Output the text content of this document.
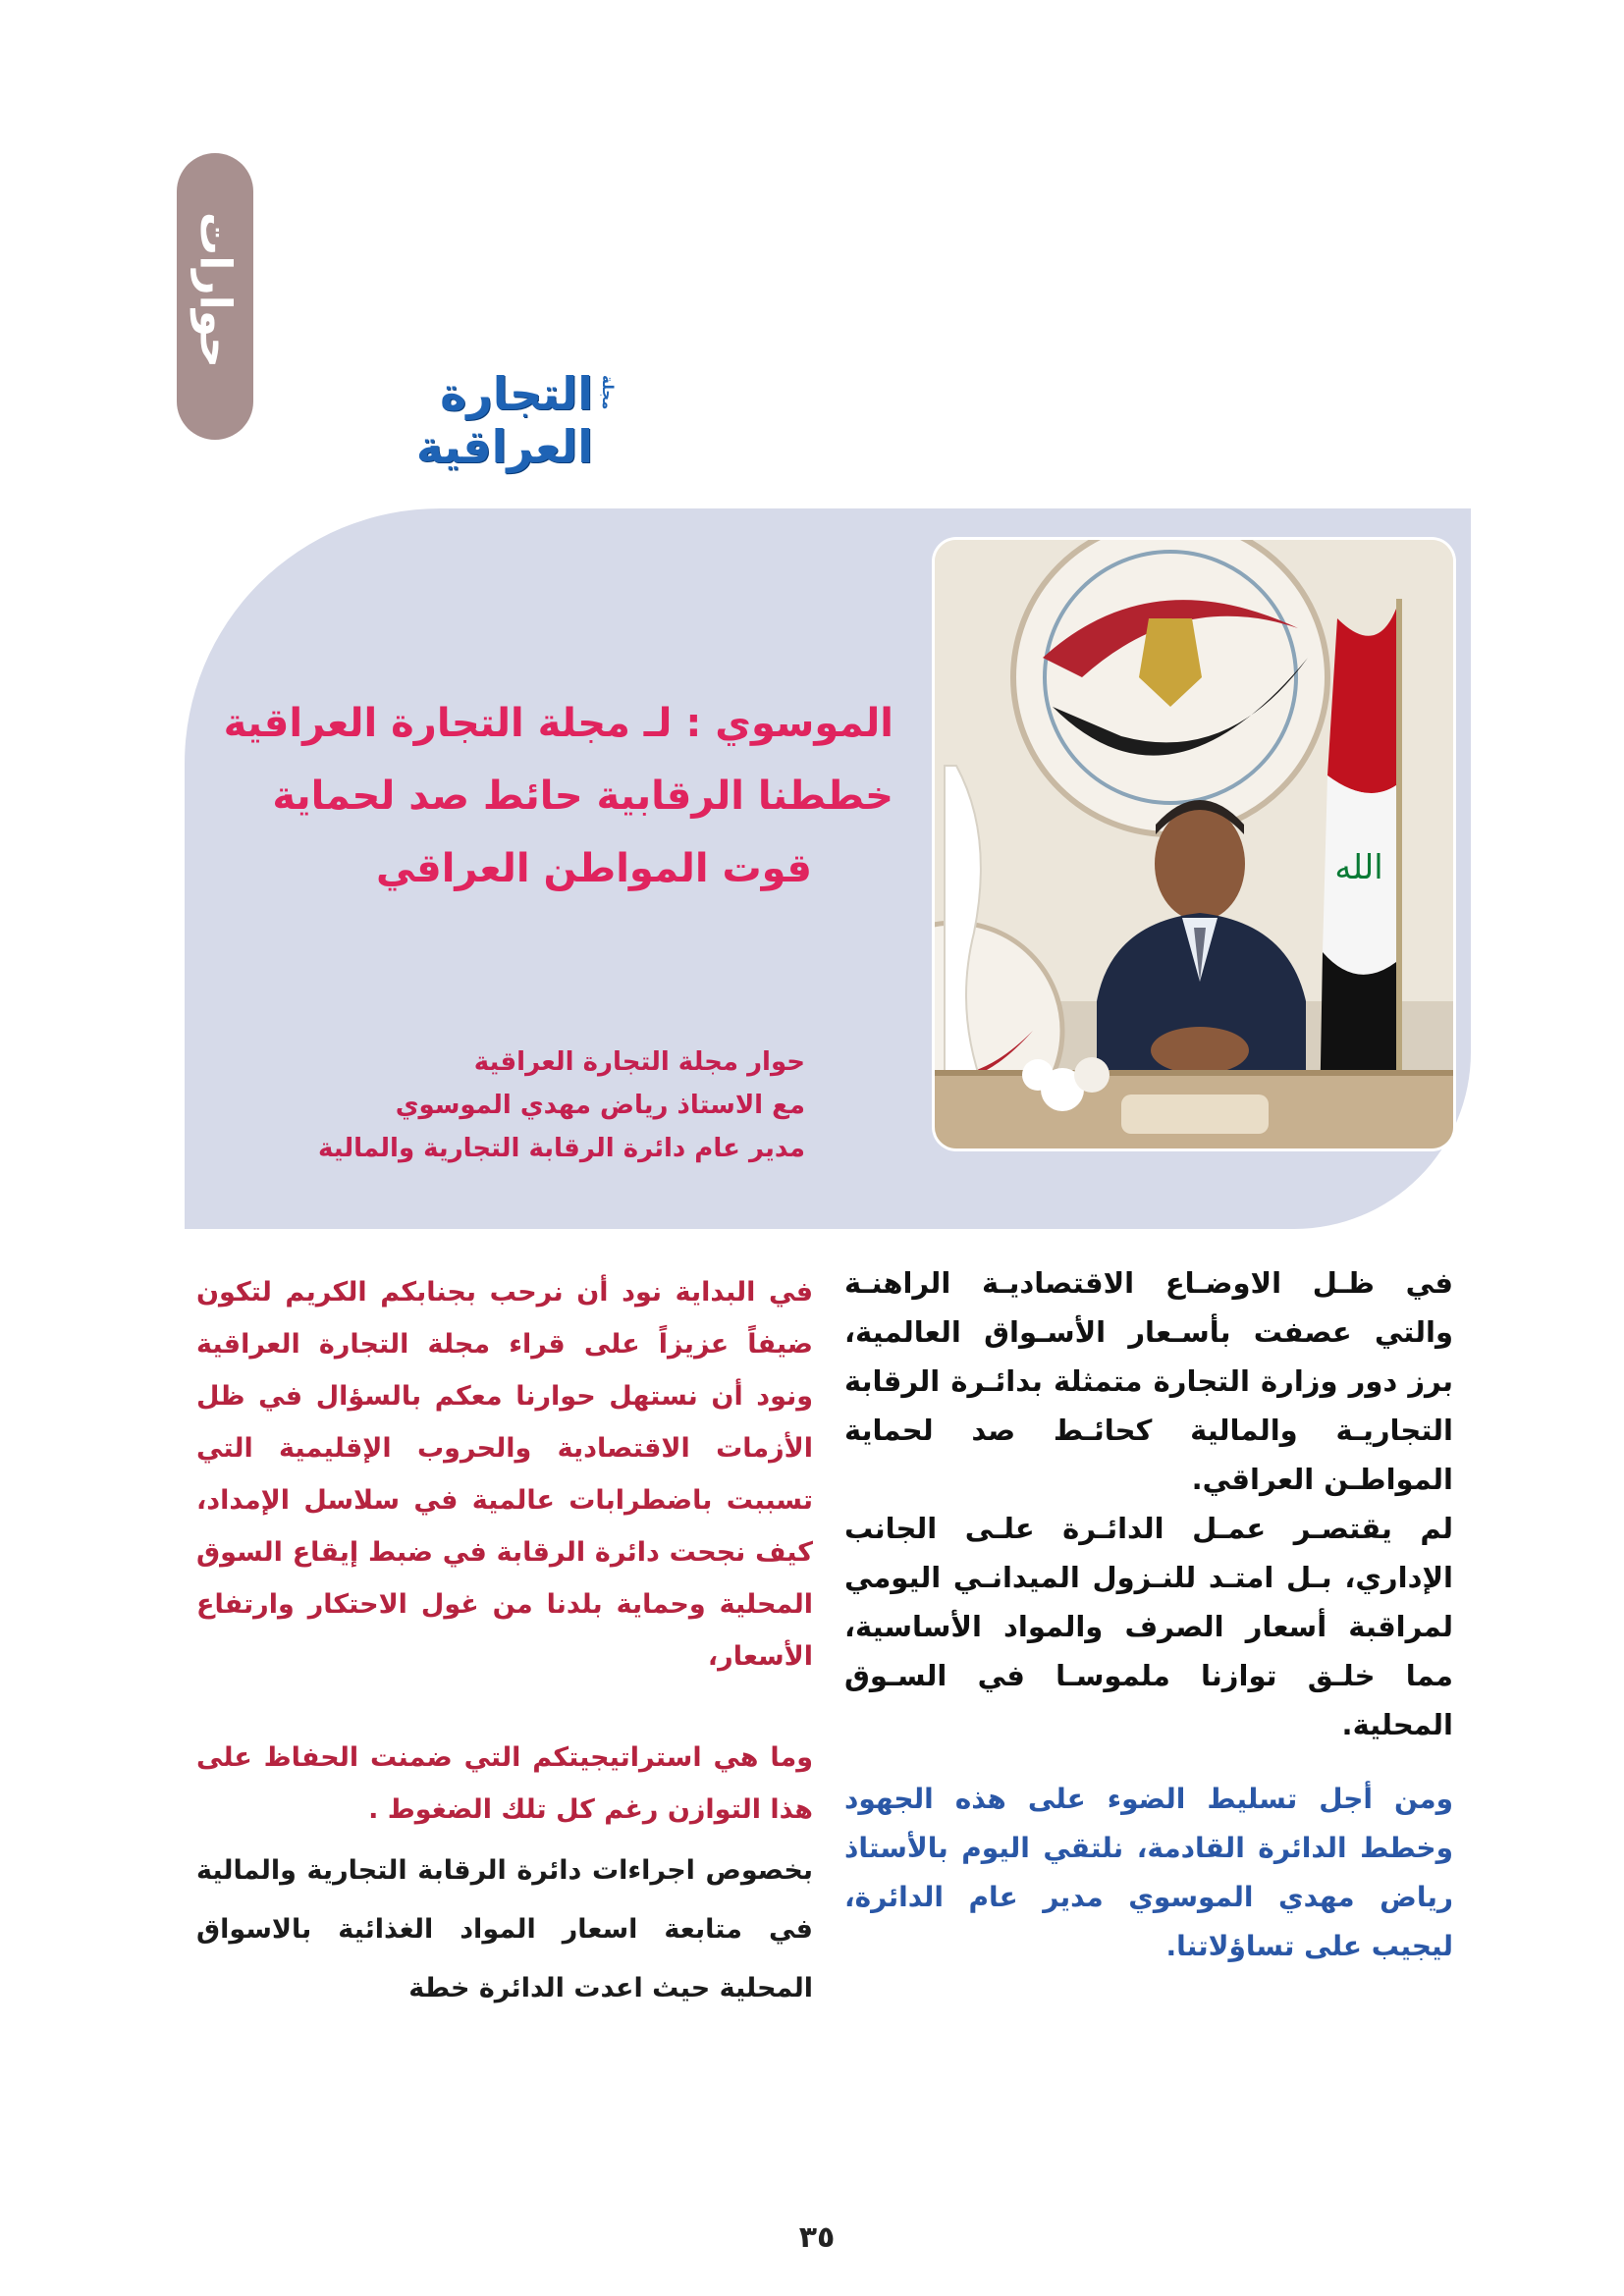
حوارات
التجارة العراقية
مجلة
الموسوي : لـ مجلة التجارة العراقية
خططنا الرقابية حائط صد لحماية
قوت المواطن العراقي
حوار مجلة التجارة العراقية
مع الاستاذ رياض مهدي الموسوي
مدير عام دائرة الرقابة التجارية والمالية
الله

في ظـل الاوضـاع الاقتصاديـة الراهنـة والتي عصفت بأسـعار الأسـواق العالمية، برز دور وزارة التجارة متمثلة بدائـرة الرقابة التجاريـة والمالية كحائـط صد لحماية المواطـن العراقي.

لم يقتصـر عمـل الدائـرة علـى الجانب الإداري، بـل امتـد للنـزول الميدانـي اليومي لمراقبة أسعار الصرف والمواد الأساسية، مما خلـق توازنا ملموسـا في السـوق المحلية.

ومن أجل تسليط الضوء على هذه الجهود وخطط الدائرة القادمة، نلتقي اليوم بالأستاذ رياض مهدي الموسوي مدير عام الدائرة، ليجيب على تساؤلاتنا.

في البداية نود أن نرحب بجنابكم الكريم لتكون ضيفاً عزيزاً على قراء مجلة التجارة العراقية ونود أن نستهل حوارنا معكم بالسؤال في ظل الأزمات الاقتصادية والحروب الإقليمية التي تسببت باضطرابات عالمية في سلاسل الإمداد، كيف نجحت دائرة الرقابة في ضبط إيقاع السوق المحلية وحماية بلدنا من غول الاحتكار وارتفاع الأسعار،

وما هي استراتيجيتكم التي ضمنت الحفاظ على هذا التوازن رغم كل تلك الضغوط .

بخصوص اجراءات دائرة الرقابة التجارية والمالية في متابعة اسعار المواد الغذائية بالاسواق المحلية حيث اعدت الدائرة خطة

٣٥
